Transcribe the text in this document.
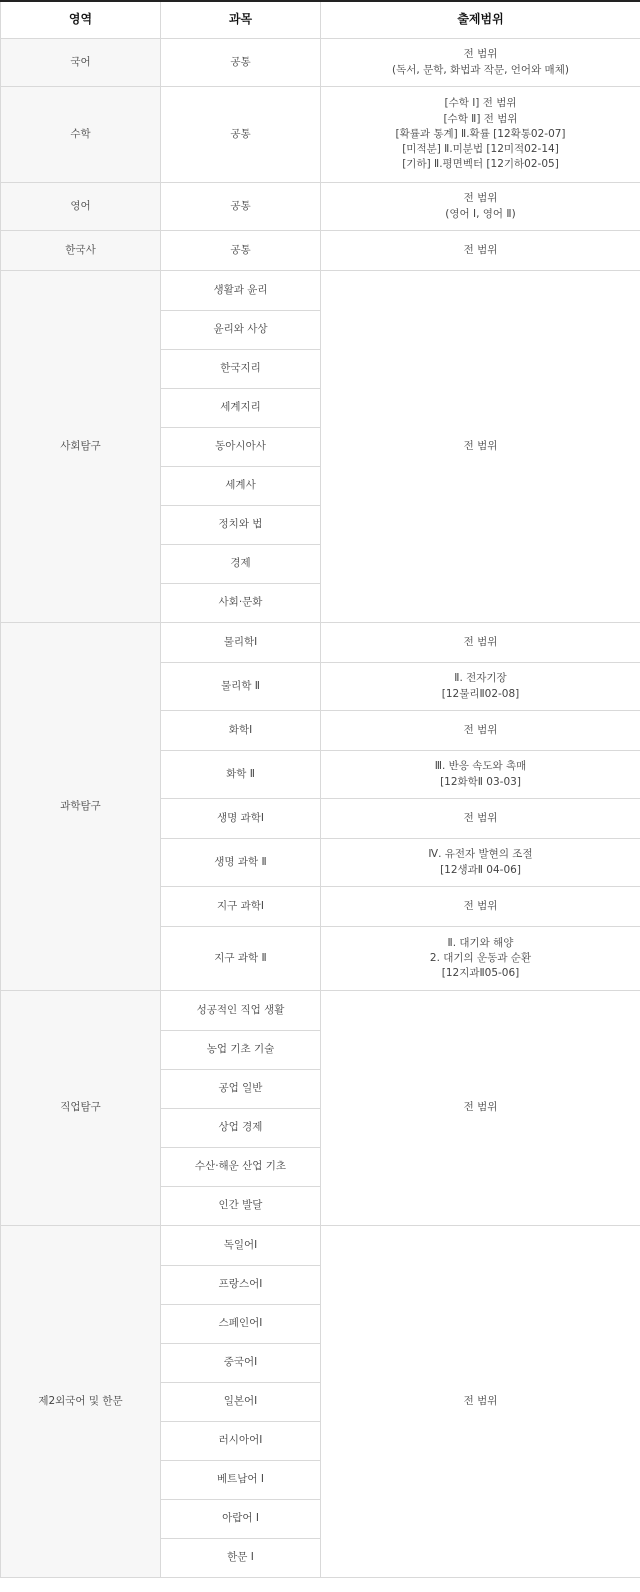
영역	과목	출제범위
국어	공통	전 범위
(독서, 문학, 화법과 작문, 언어와 매체)

수학	공통	[수학 Ⅰ] 전 범위
[수학 Ⅱ] 전 범위
[확률과 통계] Ⅱ.확률 [12확통02-07]
[미적분] Ⅱ.미분법 [12미적02-14]
[기하] Ⅱ.평면벡터 [12기하02-05]

영어	공통	전 범위
(영어 Ⅰ, 영어 Ⅱ)

한국사	공통	전 범위
사회탐구	생활과 윤리	전 범위
	윤리와 사상	
	한국지리	
	세계지리	
	동아시아사	
	세계사	
	정치와 법	
	경제	
	사회·문화	
과학탐구	물리학Ⅰ	전 범위

	물리학 Ⅱ	Ⅱ. 전자기장
[12물리Ⅱ02-08]

	화학Ⅰ	전 범위

	화학 Ⅱ	Ⅲ. 반응 속도와 촉매
[12화학Ⅱ 03-03]

	생명 과학Ⅰ	전 범위

	생명 과학 Ⅱ	Ⅳ. 유전자 발현의 조절
[12생과Ⅱ 04-06]

	지구 과학Ⅰ	전 범위

	지구 과학 Ⅱ	Ⅱ. 대기와 해양
2. 대기의 운동과 순환
[12지과Ⅱ05-06]

직업탐구	성공적인 직업 생활	전 범위
	농업 기초 기술	
	공업 일반	
	상업 경제	
	수산·해운 산업 기초	
	인간 발달	
제2외국어 및 한문	독일어Ⅰ	전 범위
	프랑스어Ⅰ	
	스페인어Ⅰ	
	중국어Ⅰ	
	일본어Ⅰ	
	러시아어Ⅰ	
	베트남어 Ⅰ	
	아랍어 Ⅰ	
	한문 Ⅰ	
